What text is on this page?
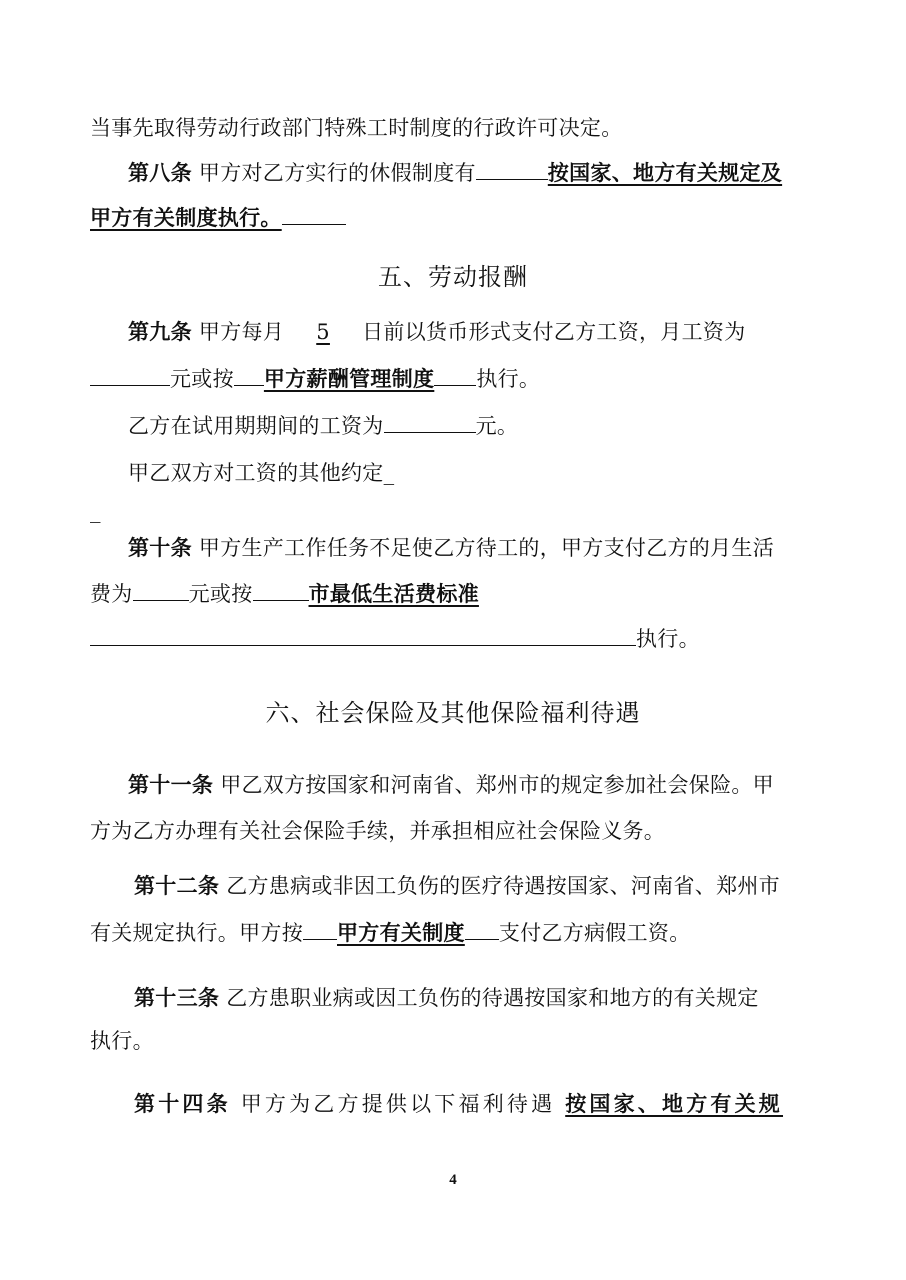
当事先取得劳动行政部门特殊工时制度的行政许可决定。

第八条 甲方对乙方实行的休假制度有	按国家、地方有关规定及

甲方有关制度执行。

五、劳动报酬

第九条 甲方每月 5 日前以货币形式支付乙方工资，月工资为

元或按 甲方薪酬管理制度 执行。

乙方在试用期期间的工资为	元。

甲乙双方对工资的其他约定_

_

第十条 甲方生产工作任务不足使乙方待工的，甲方支付乙方的月生活

费为	元或按	市最低生活费标准

执行。

六、社会保险及其他保险福利待遇

第十一条 甲乙双方按国家和河南省、郑州市的规定参加社会保险。甲

方为乙方办理有关社会保险手续，并承担相应社会保险义务。

第十二条 乙方患病或非因工负伤的医疗待遇按国家、河南省、郑州市

有关规定执行。甲方按 甲方有关制度 支付乙方病假工资。

第十三条 乙方患职业病或因工负伤的待遇按国家和地方的有关规定

执行。

第十四条 甲方为乙方提供以下福利待遇 按国家、地方有关规

4
